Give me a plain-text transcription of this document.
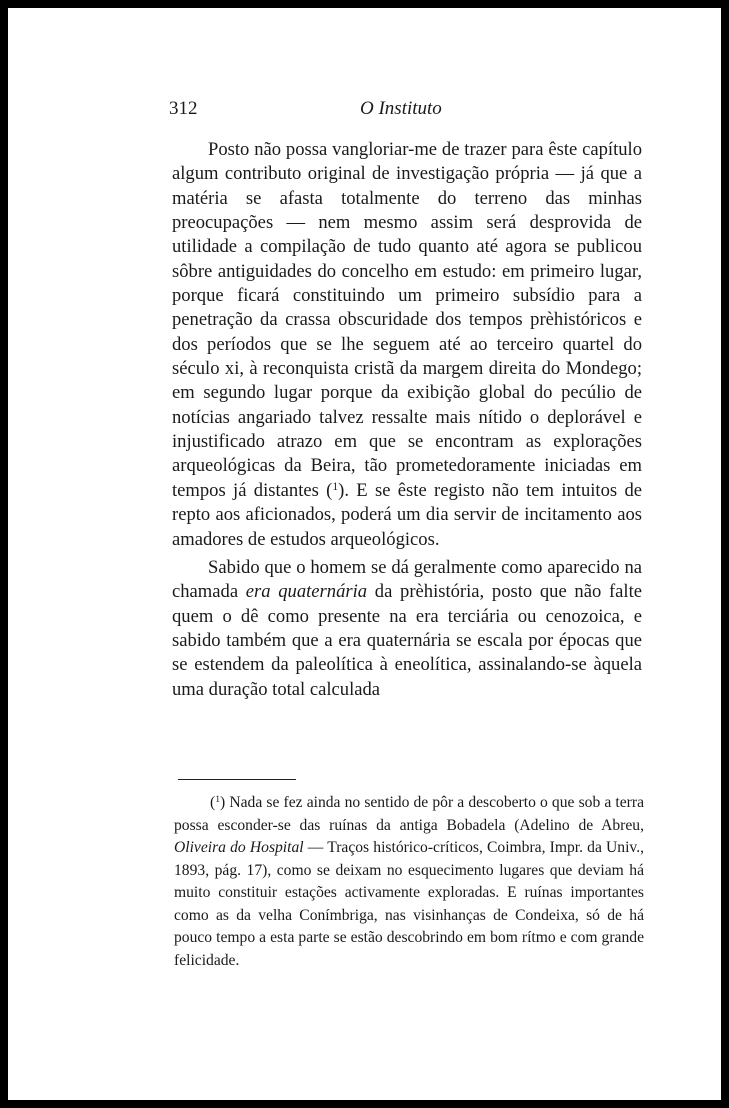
312	O Instituto

Posto não possa vangloriar-me de trazer para êste capítulo algum contributo original de investigação própria — já que a matéria se afasta totalmente do terreno das minhas preocupações — nem mesmo assim será desprovida de utilidade a compilação de tudo quanto até agora se publicou sôbre antiguidades do concelho em estudo: em primeiro lugar, porque ficará constituindo um primeiro subsídio para a penetração da crassa obscuridade dos tempos prèhistóricos e dos períodos que se lhe seguem até ao terceiro quartel do século xi, à reconquista cristã da margem direita do Mondego; em segundo lugar porque da exibição global do pecúlio de notícias angariado talvez ressalte mais nítido o deplorável e injustificado atrazo em que se encontram as explorações arqueológicas da Beira, tão prometedoramente iniciadas em tempos já distantes ($^1$). E se êste registo não tem intuitos de repto aos aficionados, poderá um dia servir de incitamento aos amadores de estudos arqueológicos.

Sabido que o homem se dá geralmente como aparecido na chamada era quaternária da prèhistória, posto que não falte quem o dê como presente na era terciária ou cenozoica, e sabido também que a era quaternária se escala por épocas que se estendem da paleolítica à eneolítica, assinalando-se àquela uma duração total calculada

($^1$) Nada se fez ainda no sentido de pôr a descoberto o que sob a terra possa esconder-se das ruínas da antiga Bobadela (Adelino de Abreu, Oliveira do Hospital — Traços histórico-críticos, Coimbra, Impr. da Univ., 1893, pág. 17), como se deixam no esquecimento lugares que deviam há muito constituir estações activamente exploradas. E ruínas importantes como as da velha Conímbriga, nas visinhanças de Condeixa, só de há pouco tempo a esta parte se estão descobrindo em bom rítmo e com grande felicidade.
